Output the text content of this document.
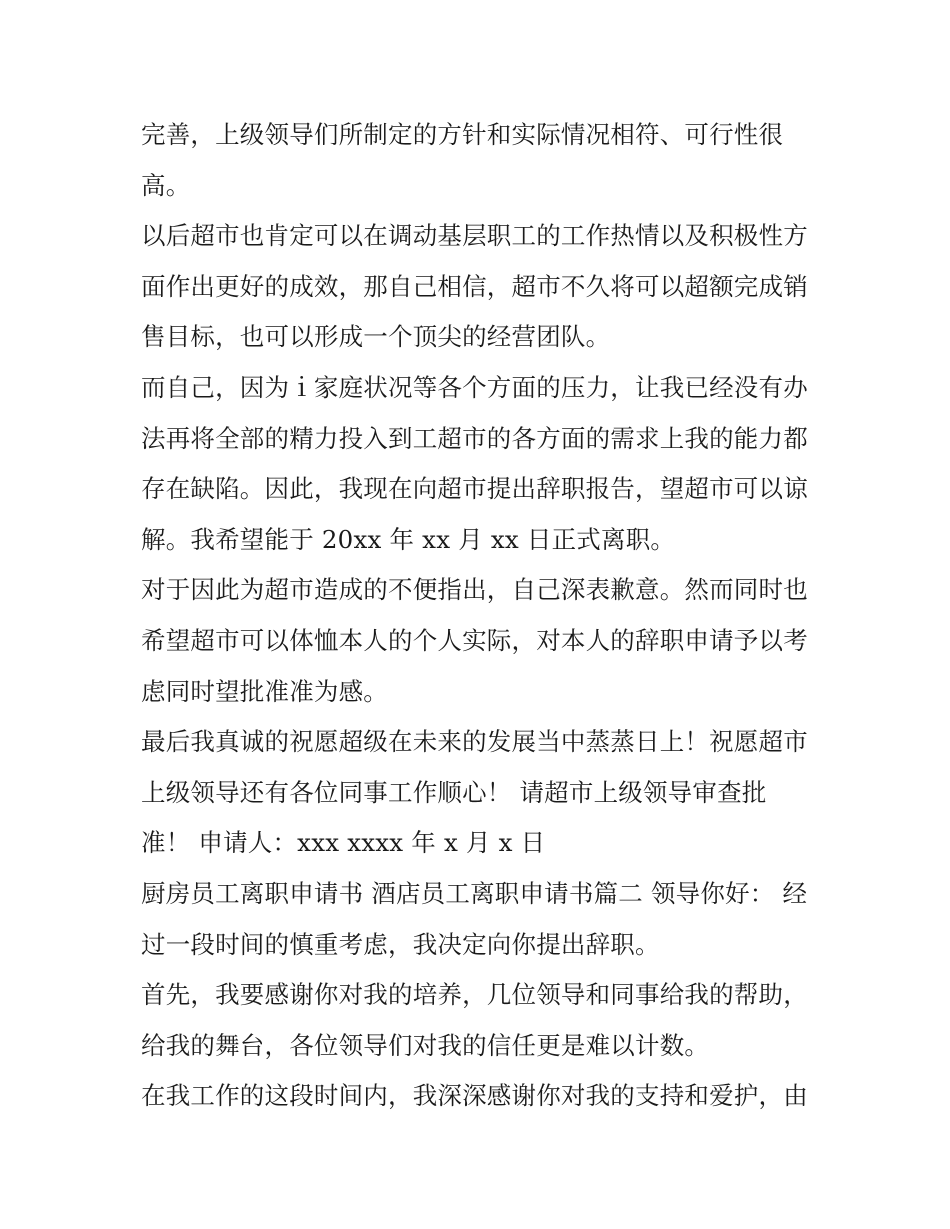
完善，上级领导们所制定的方针和实际情况相符、可行性很
高。
以后超市也肯定可以在调动基层职工的工作热情以及积极性方
面作出更好的成效，那自己相信，超市不久将可以超额完成销
售目标，也可以形成一个顶尖的经营团队。
而自己，因为ｉ家庭状况等各个方面的压力，让我已经没有办
法再将全部的精力投入到工超市的各方面的需求上我的能力都
存在缺陷。因此，我现在向超市提出辞职报告，望超市可以谅
解。我希望能于 20xx 年 xx 月 xx 日正式离职。
对于因此为超市造成的不便指出，自己深表歉意。然而同时也
希望超市可以体恤本人的个人实际，对本人的辞职申请予以考
虑同时望批准准为感。
最后我真诚的祝愿超级在未来的发展当中蒸蒸日上！祝愿超市
上级领导还有各位同事工作顺心！ 请超市上级领导审查批
准！ 申请人：xxx xxxx 年 x 月 x 日
厨房员工离职申请书 酒店员工离职申请书篇二 领导你好： 经
过一段时间的慎重考虑，我决定向你提出辞职。
首先，我要感谢你对我的培养，几位领导和同事给我的帮助，
给我的舞台，各位领导们对我的信任更是难以计数。
在我工作的这段时间内，我深深感谢你对我的支持和爱护，由
